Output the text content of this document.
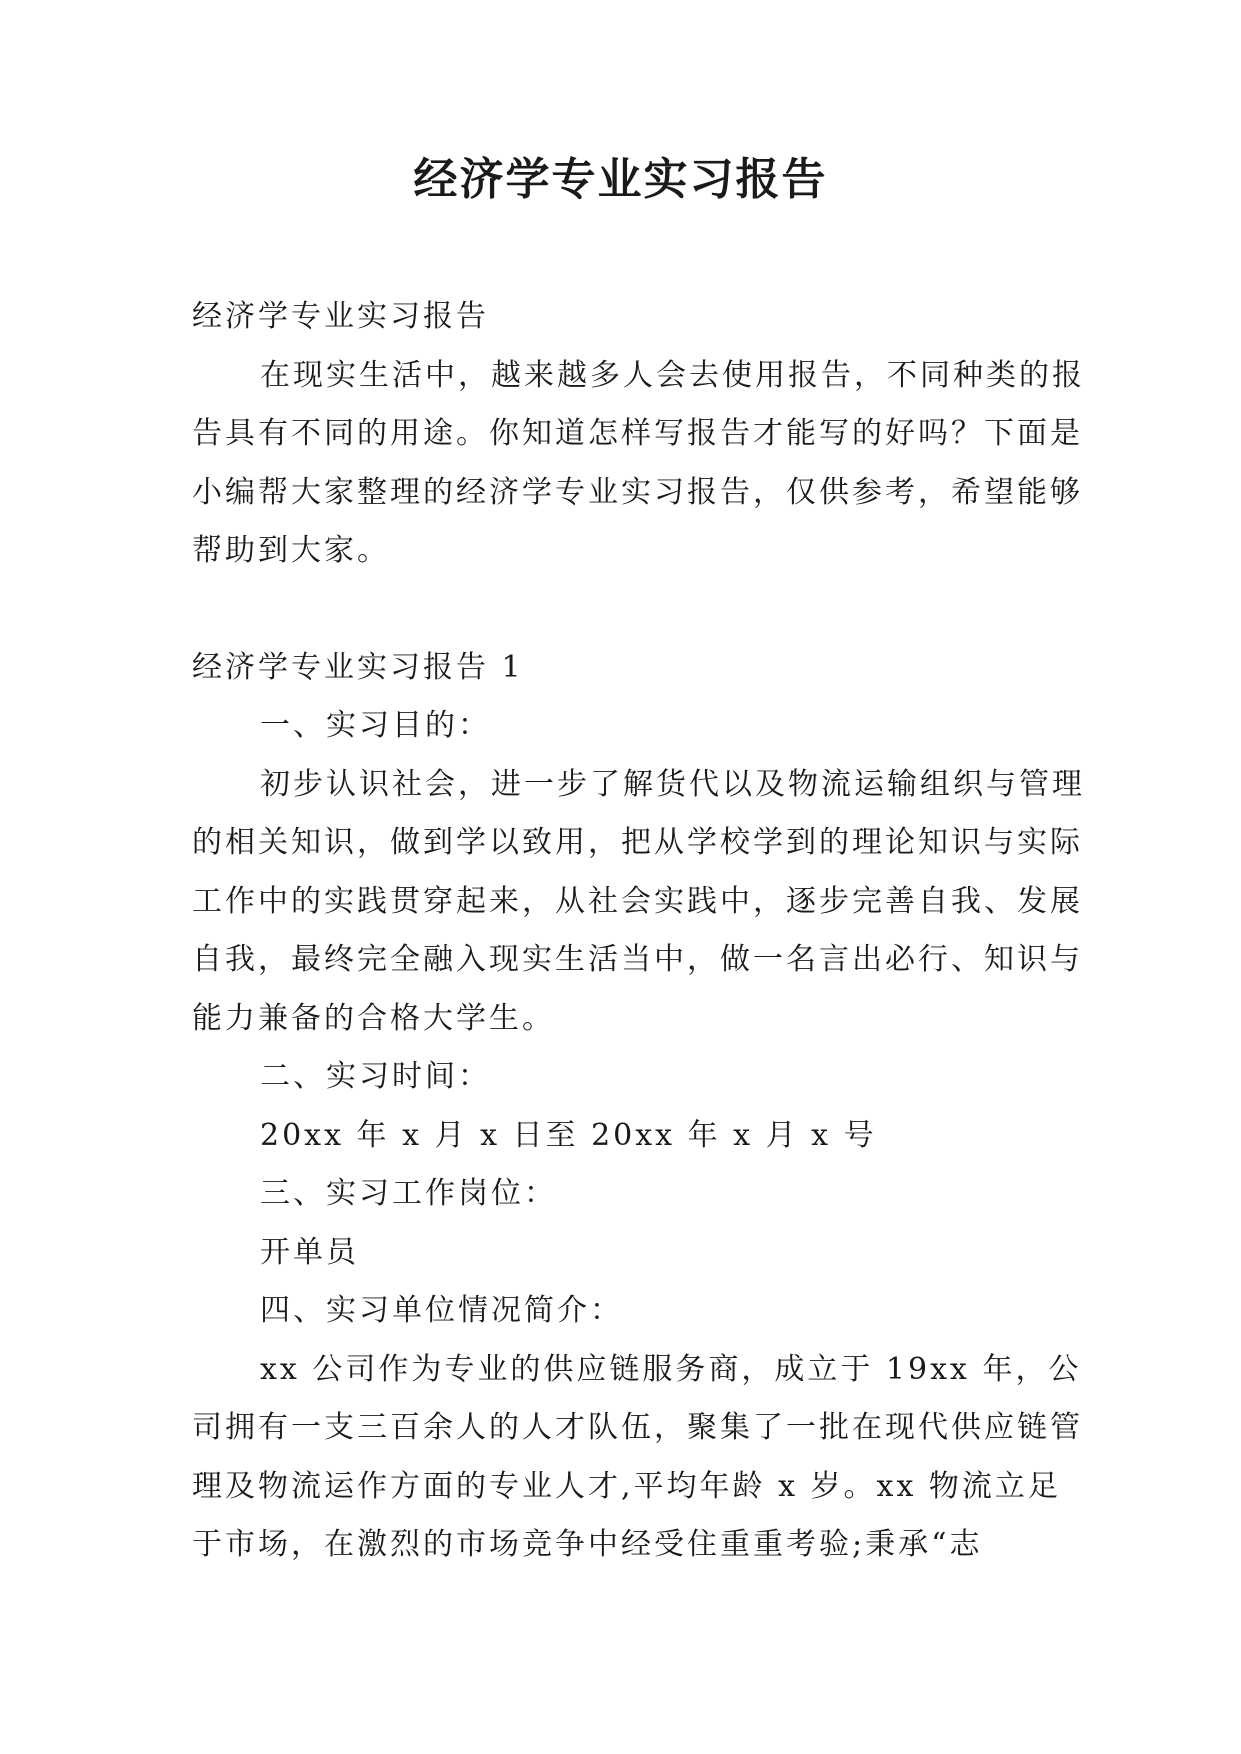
经济学专业实习报告

经济学专业实习报告

在现实生活中，越来越多人会去使用报告，不同种类的报告具有不同的用途。你知道怎样写报告才能写的好吗？下面是小编帮大家整理的经济学专业实习报告，仅供参考，希望能够帮助到大家。

经济学专业实习报告 1

一、实习目的：

初步认识社会，进一步了解货代以及物流运输组织与管理的相关知识，做到学以致用，把从学校学到的理论知识与实际工作中的实践贯穿起来，从社会实践中，逐步完善自我、发展自我，最终完全融入现实生活当中，做一名言出必行、知识与能力兼备的合格大学生。

二、实习时间：

20xx 年 x 月 x 日至 20xx 年 x 月 x 号

三、实习工作岗位：

开单员

四、实习单位情况简介：

xx 公司作为专业的供应链服务商，成立于 19xx 年，公司拥有一支三百余人的人才队伍，聚集了一批在现代供应链管理及物流运作方面的专业人才,平均年龄 x 岁。xx 物流立足于市场，在激烈的市场竞争中经受住重重考验;秉承“志
